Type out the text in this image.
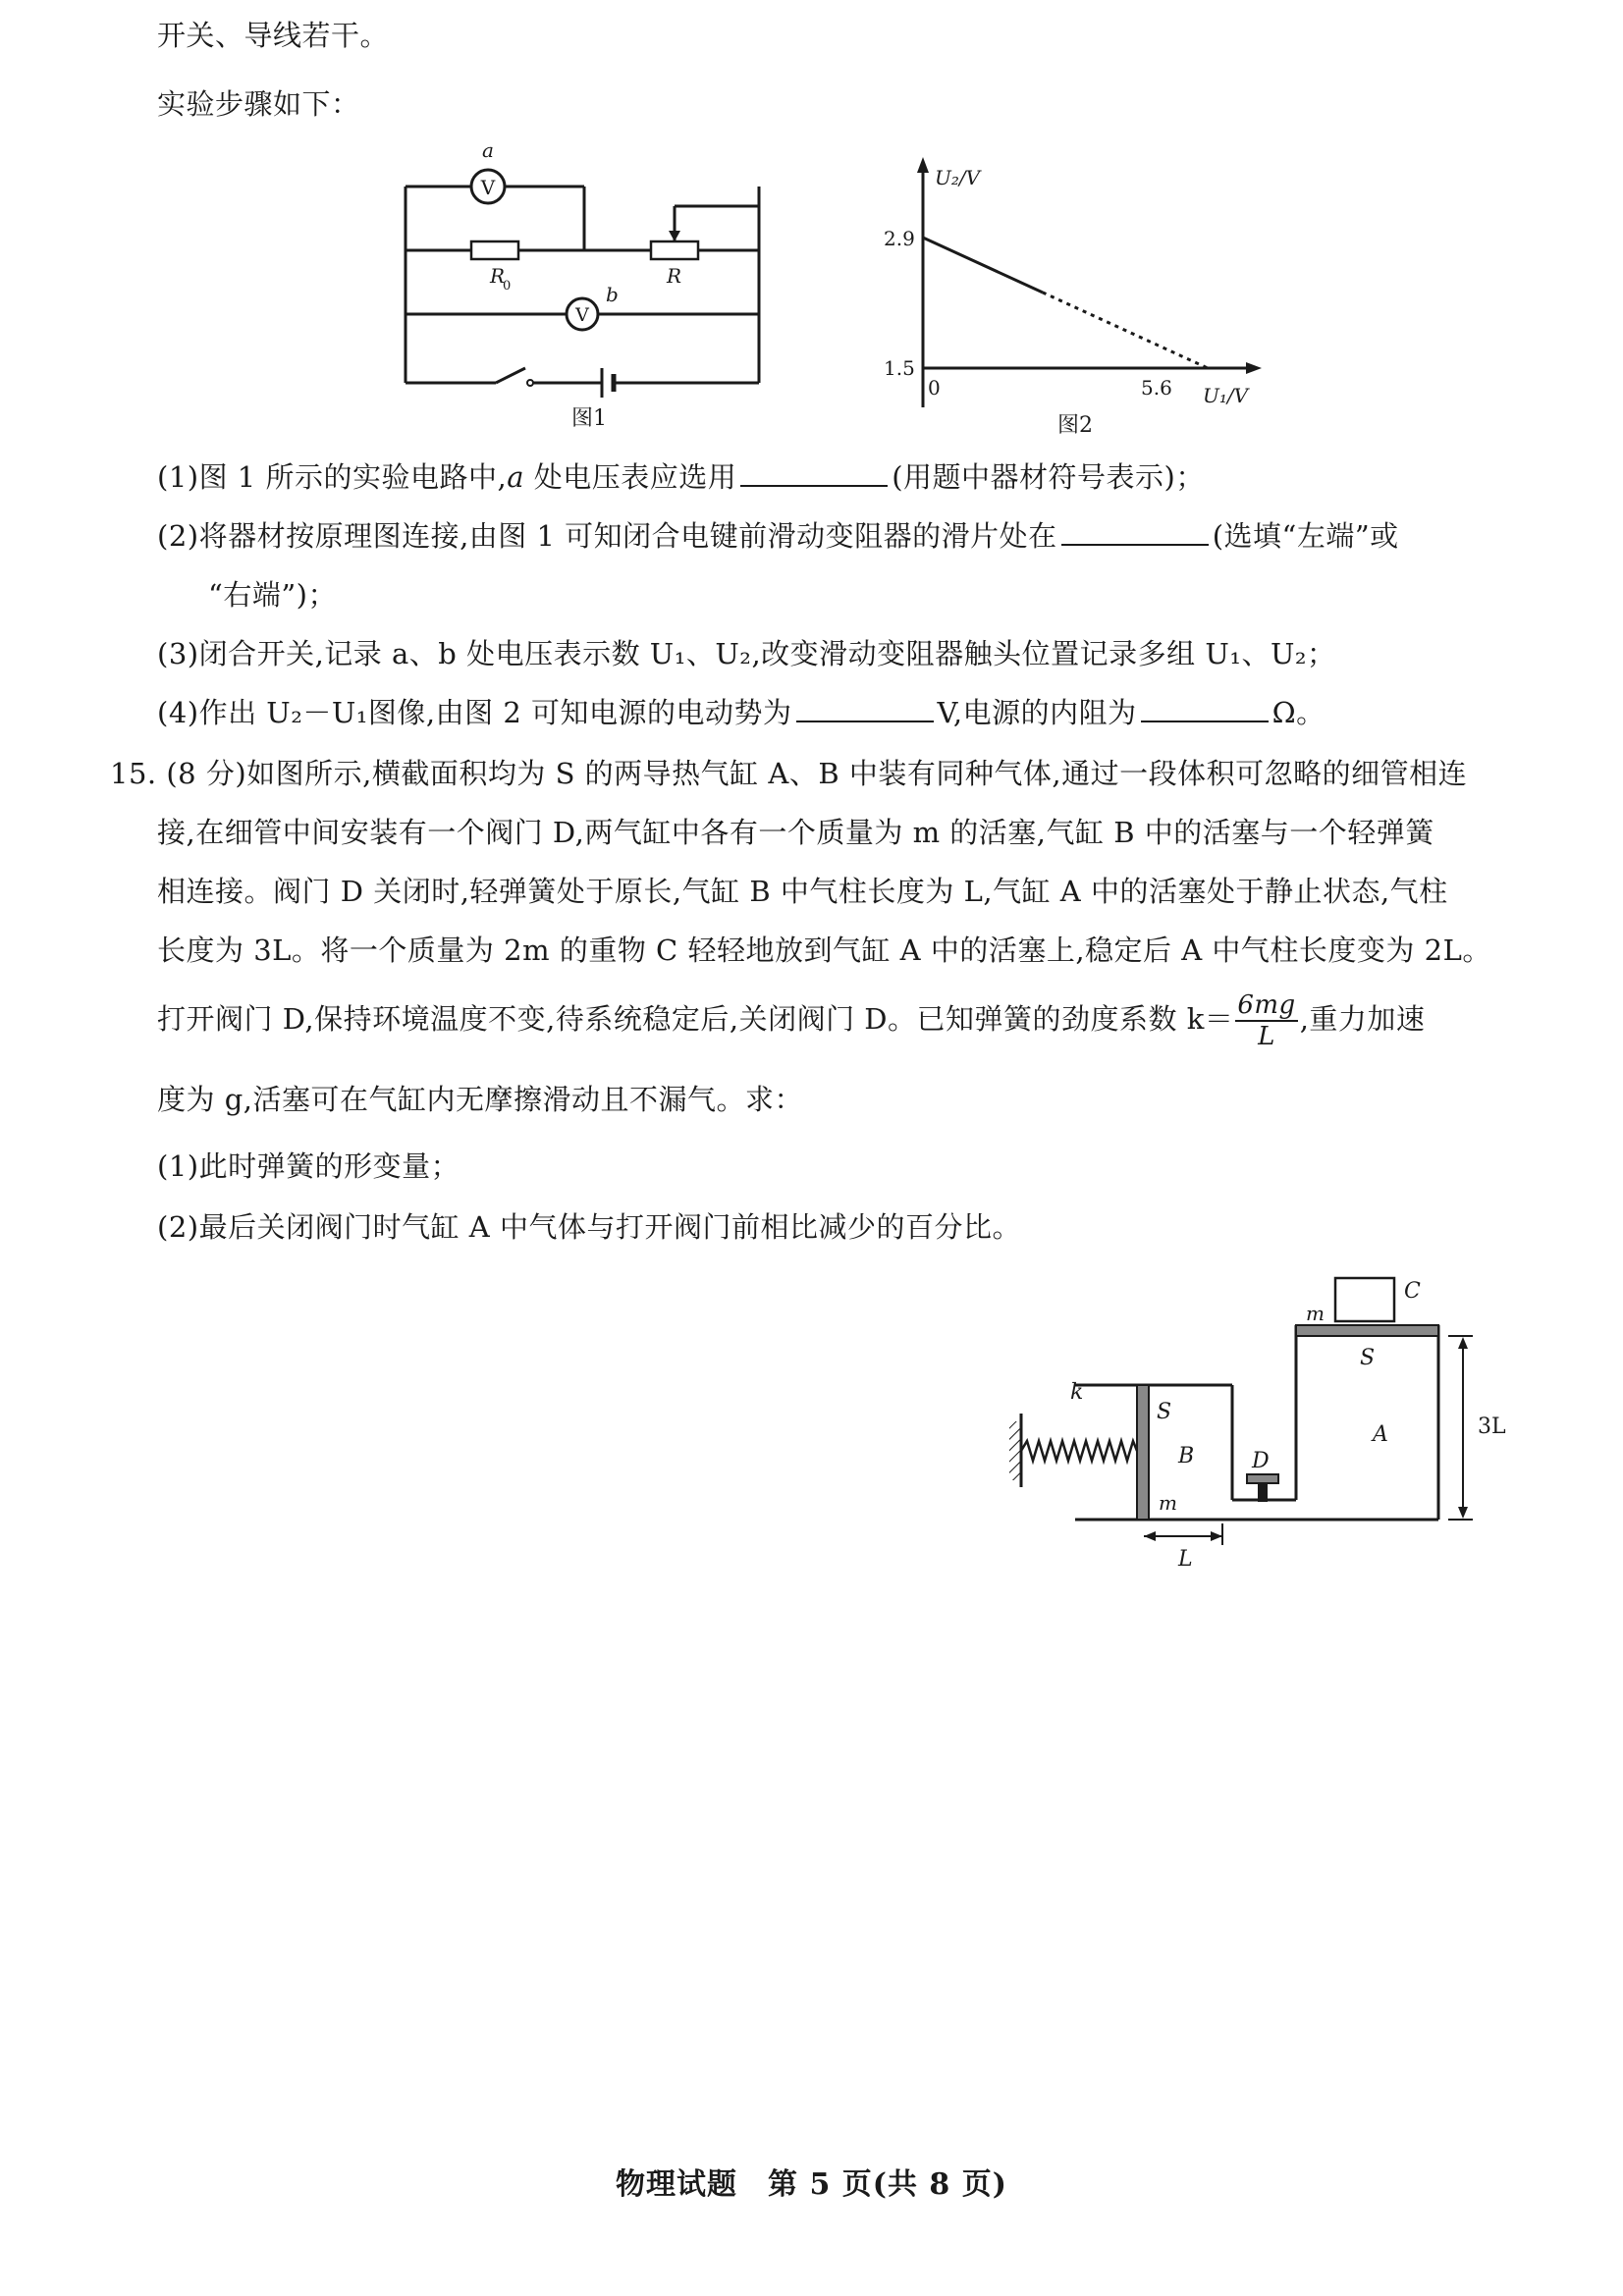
开关、导线若干。
实验步骤如下：
V
a
V
b
R
0	R
图1
U₂/V
U₁/V
2.9
1.5
0	5.6
图2
(1)图 1 所示的实验电路中,a 处电压表应选用	(用题中器材符号表示)；
(2)将器材按原理图连接,由图 1 可知闭合电键前滑动变阻器的滑片处在	(选填“左端”或
“右端”)；
(3)闭合开关,记录 a、b 处电压表示数 U₁、U₂,改变滑动变阻器触头位置记录多组 U₁、U₂；
(4)作出 U₂－U₁图像,由图 2 可知电源的电动势为	V,电源的内阻为	Ω。
15. (8 分)如图所示,横截面积均为 S 的两导热气缸 A、B 中装有同种气体,通过一段体积可忽略的细管相连
接,在细管中间安装有一个阀门 D,两气缸中各有一个质量为 m 的活塞,气缸 B 中的活塞与一个轻弹簧
相连接。阀门 D 关闭时,轻弹簧处于原长,气缸 B 中气柱长度为 L,气缸 A 中的活塞处于静止状态,气柱
长度为 3L。将一个质量为 2m 的重物 C 轻轻地放到气缸 A 中的活塞上,稳定后 A 中气柱长度变为 2L。
打开阀门 D,保持环境温度不变,待系统稳定后,关闭阀门 D。已知弹簧的劲度系数 $k= \frac{6mg}{L}$ ,重力加速
度为 g,活塞可在气缸内无摩擦滑动且不漏气。求：
(1)此时弹簧的形变量；
(2)最后关闭阀门时气缸 A 中气体与打开阀门前相比减少的百分比。
k
S
B
m
L
D
m
C
S
A	3L
物理试题　第 5 页(共 8 页)
